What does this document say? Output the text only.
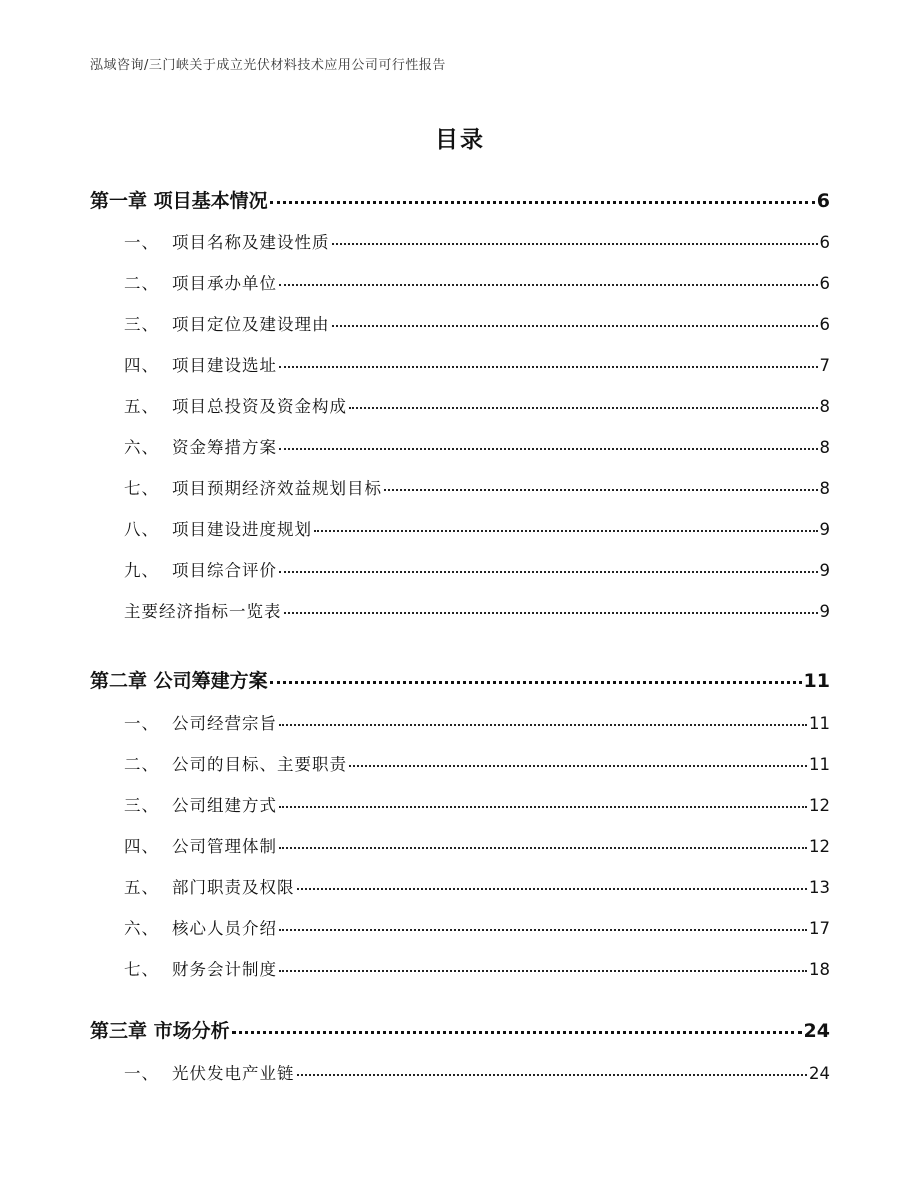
泓域咨询/三门峡关于成立光伏材料技术应用公司可行性报告
目录
第一章 项目基本情况	6
一、 项目名称及建设性质	6
二、 项目承办单位	6
三、 项目定位及建设理由	6
四、 项目建设选址	7
五、 项目总投资及资金构成	8
六、 资金筹措方案	8
七、 项目预期经济效益规划目标	8
八、 项目建设进度规划	9
九、 项目综合评价	9
主要经济指标一览表	9
第二章 公司筹建方案	11
一、 公司经营宗旨	11
二、 公司的目标、主要职责	11
三、 公司组建方式	12
四、 公司管理体制	12
五、 部门职责及权限	13
六、 核心人员介绍	17
七、 财务会计制度	18
第三章 市场分析	24
一、 光伏发电产业链	24
